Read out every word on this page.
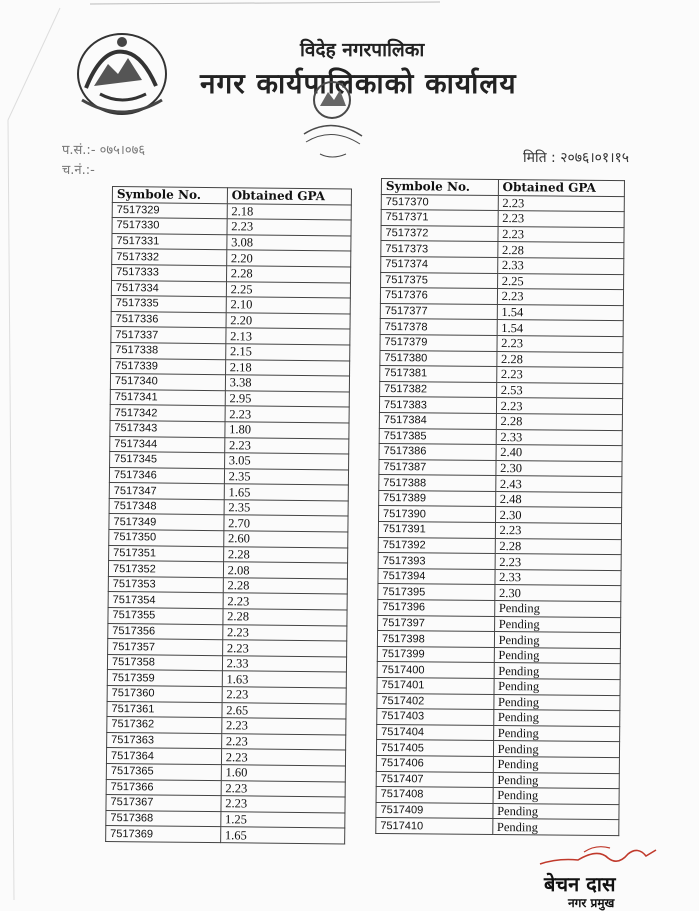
विदेह नगरपालिका
नगर कार्यपालिकाको कार्यालय
प.सं.:- ०७५।०७६
च.नं.:-
मिति : २०७६।०१।१५
Symbole No.	Obtained GPA
7517329	2.18
7517330	2.23
7517331	3.08
7517332	2.20
7517333	2.28
7517334	2.25
7517335	2.10
7517336	2.20
7517337	2.13
7517338	2.15
7517339	2.18
7517340	3.38
7517341	2.95
7517342	2.23
7517343	1.80
7517344	2.23
7517345	3.05
7517346	2.35
7517347	1.65
7517348	2.35
7517349	2.70
7517350	2.60
7517351	2.28
7517352	2.08
7517353	2.28
7517354	2.23
7517355	2.28
7517356	2.23
7517357	2.23
7517358	2.33
7517359	1.63
7517360	2.23
7517361	2.65
7517362	2.23
7517363	2.23
7517364	2.23
7517365	1.60
7517366	2.23
7517367	2.23
7517368	1.25
7517369	1.65
Symbole No.	Obtained GPA
7517370	2.23
7517371	2.23
7517372	2.23
7517373	2.28
7517374	2.33
7517375	2.25
7517376	2.23
7517377	1.54
7517378	1.54
7517379	2.23
7517380	2.28
7517381	2.23
7517382	2.53
7517383	2.23
7517384	2.28
7517385	2.33
7517386	2.40
7517387	2.30
7517388	2.43
7517389	2.48
7517390	2.30
7517391	2.23
7517392	2.28
7517393	2.23
7517394	2.33
7517395	2.30
7517396	Pending
7517397	Pending
7517398	Pending
7517399	Pending
7517400	Pending
7517401	Pending
7517402	Pending
7517403	Pending
7517404	Pending
7517405	Pending
7517406	Pending
7517407	Pending
7517408	Pending
7517409	Pending
7517410	Pending
बेचन दास
नगर प्रमुख
